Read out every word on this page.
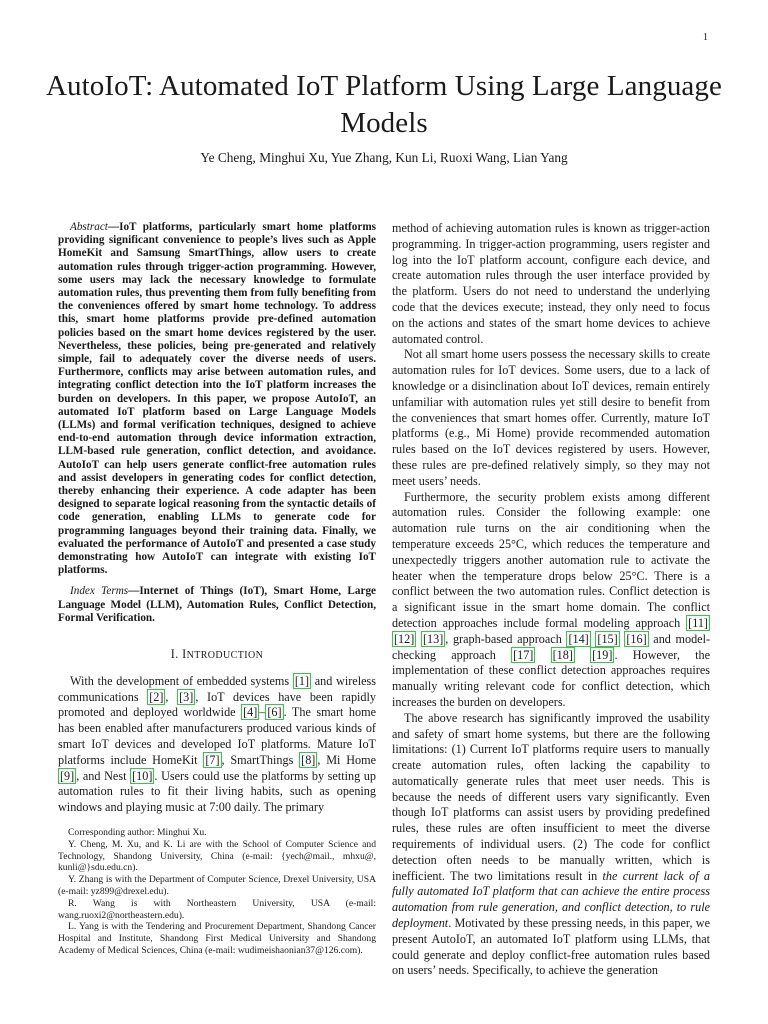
1
AutoIoT: Automated IoT Platform Using Large Language Models
Ye Cheng, Minghui Xu, Yue Zhang, Kun Li, Ruoxi Wang, Lian Yang
Abstract—IoT platforms, particularly smart home platforms providing significant convenience to people’s lives such as Apple HomeKit and Samsung SmartThings, allow users to create automation rules through trigger-action programming. However, some users may lack the necessary knowledge to formulate automation rules, thus preventing them from fully benefiting from the conveniences offered by smart home technology. To address this, smart home platforms provide pre-defined automation policies based on the smart home devices registered by the user. Nevertheless, these policies, being pre-generated and relatively simple, fail to adequately cover the diverse needs of users. Furthermore, conflicts may arise between automation rules, and integrating conflict detection into the IoT platform increases the burden on developers. In this paper, we propose AutoIoT, an automated IoT platform based on Large Language Models (LLMs) and formal verification techniques, designed to achieve end-to-end automation through device information extraction, LLM-based rule generation, conflict detection, and avoidance. AutoIoT can help users generate conflict-free automation rules and assist developers in generating codes for conflict detection, thereby enhancing their experience. A code adapter has been designed to separate logical reasoning from the syntactic details of code generation, enabling LLMs to generate code for programming languages beyond their training data. Finally, we evaluated the performance of AutoIoT and presented a case study demonstrating how AutoIoT can integrate with existing IoT platforms.
Index Terms—Internet of Things (IoT), Smart Home, Large Language Model (LLM), Automation Rules, Conflict Detection, Formal Verification.
I. INTRODUCTION

With the development of embedded systems [1] and wireless communications [2] , [3] , IoT devices have been rapidly promoted and deployed worldwide [4] – [6] . The smart home has been enabled after manufacturers produced various kinds of smart IoT devices and developed IoT platforms. Mature IoT platforms include HomeKit [7] , SmartThings [8] , Mi Home [9] , and Nest [10] . Users could use the platforms by setting up automation rules to fit their living habits, such as opening windows and playing music at 7:00 daily. The primary

Corresponding author: Minghui Xu.

Y. Cheng, M. Xu, and K. Li are with the School of Computer Science and Technology, Shandong University, China (e-mail: {yech@mail., mhxu@, kunli@}sdu.edu.cn).

Y. Zhang is with the Department of Computer Science, Drexel University, USA (e-mail: yz899@drexel.edu).

R. Wang is with Northeastern University, USA (e-mail: wang.ruoxi2@northeastern.edu).

L. Yang is with the Tendering and Procurement Department, Shandong Cancer Hospital and Institute, Shandong First Medical University and Shandong Academy of Medical Sciences, China (e-mail: wudimeishaonian37@126.com).

method of achieving automation rules is known as trigger-action programming. In trigger-action programming, users register and log into the IoT platform account, configure each device, and create automation rules through the user interface provided by the platform. Users do not need to understand the underlying code that the devices execute; instead, they only need to focus on the actions and states of the smart home devices to achieve automated control.

Not all smart home users possess the necessary skills to create automation rules for IoT devices. Some users, due to a lack of knowledge or a disinclination about IoT devices, remain entirely unfamiliar with automation rules yet still desire to benefit from the conveniences that smart homes offer. Currently, mature IoT platforms (e.g., Mi Home) provide recommended automation rules based on the IoT devices registered by users. However, these rules are pre-defined relatively simply, so they may not meet users’ needs.

Furthermore, the security problem exists among different automation rules. Consider the following example: one automation rule turns on the air conditioning when the temperature exceeds 25°C, which reduces the temperature and unexpectedly triggers another automation rule to activate the heater when the temperature drops below 25°C. There is a conflict between the two automation rules. Conflict detection is a significant issue in the smart home domain. The conflict detection approaches include formal modeling approach [11] [12] [13] , graph-based approach [14] [15] [16] and model-checking approach [17] [18] [19] . However, the implementation of these conflict detection approaches requires manually writing relevant code for conflict detection, which increases the burden on developers.

The above research has significantly improved the usability and safety of smart home systems, but there are the following limitations: (1) Current IoT platforms require users to manually create automation rules, often lacking the capability to automatically generate rules that meet user needs. This is because the needs of different users vary significantly. Even though IoT platforms can assist users by providing predefined rules, these rules are often insufficient to meet the diverse requirements of individual users. (2) The code for conflict detection often needs to be manually written, which is inefficient. The two limitations result in the current lack of a fully automated IoT platform that can achieve the entire process automation from rule generation, and conflict detection, to rule deployment. Motivated by these pressing needs, in this paper, we present AutoIoT, an automated IoT platform using LLMs, that could generate and deploy conflict-free automation rules based on users’ needs. Specifically, to achieve the generation
